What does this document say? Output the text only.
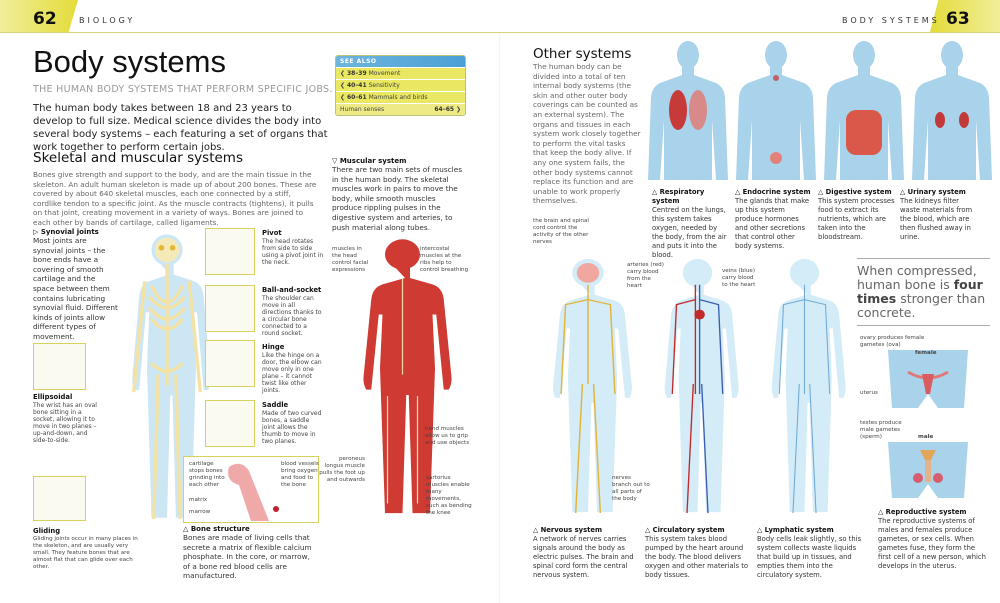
62	BIOLOGY	BODY SYSTEMS 63
Body systems
THE HUMAN BODY SYSTEMS THAT PERFORM SPECIFIC JOBS.
The human body takes between 18 and 23 years to develop to full size. Medical science divides the body into several body systems – each featuring a set of organs that work together to perform certain jobs.
SEE ALSO
❮ 38–39 Movement
❮ 40–41 Sensitivity
❮ 60–61 Mammals and birds
Human senses	64–65 ❯
Skeletal and muscular systems
Bones give strength and support to the body, and are the main tissue in the skeleton. An adult human skeleton is made up of about 200 bones. These are covered by about 640 skeletal muscles, each one connected by a stiff, cordlike tendon to a specific joint. As the muscle contracts (tightens), it pulls on that joint, creating movement in a variety of ways. Bones are joined to each other by bands of cartilage, called ligaments.
▽ Muscular system
There are two main sets of muscles in the human body. The skeletal muscles work in pairs to move the body, while smooth muscles produce rippling pulses in the digestive system and arteries, to push material along tubes.
▷ Synovial joints
Most joints are synovial joints – the bone ends have a covering of smooth cartilage and the space between them contains lubricating synovial fluid. Different kinds of joints allow different types of movement.
Pivot
The head rotates from side to side using a pivot joint in the neck.
Ball-and-socket
The shoulder can move in all directions thanks to a circular bone connected to a round socket.
Hinge
Like the hinge on a door, the elbow can move only in one plane – it cannot twist like other joints.
Saddle
Made of two curved bones, a saddle joint allows the thumb to move in two planes.
Ellipsoidal
The wrist has an oval bone sitting in a socket, allowing it to move in two planes – up-and-down, and side-to-side.
Gliding
Gliding joints occur in many places in the skeleton, and are usually very small. They feature bones that are almost flat that can glide over each other.
cartilage stops bones grinding into each other
matrix
marrow
blood vessels bring oxygen and food to the bone
△ Bone structure
Bones are made of living cells that secrete a matrix of flexible calcium phosphate. In the core, or marrow, of a bone red blood cells are manufactured.
muscles in the head control facial expressions
intercostal muscles at the ribs help to control breathing
hand muscles allow us to grip and use objects
peroneus longus muscle pulls the foot up and outwards	sartorius muscles enable many movements, such as bending the knee
Other systems
The human body can be divided into a total of ten internal body systems (the skin and other outer body coverings can be counted as an external system). The organs and tissues in each system work closely together to perform the vital tasks that keep the body alive. If any one system fails, the other body systems cannot replace its function and are unable to work properly themselves.
△ Respiratory system
Centred on the lungs, this system takes oxygen, needed by the body, from the air and puts it into the blood.
△ Endocrine system
The glands that make up this system produce hormones and other secretions that control other body systems.
△ Digestive system
This system processes food to extract its nutrients, which are taken into the bloodstream.
△ Urinary system
The kidneys filter waste materials from the blood, which are then flushed away in urine.
the brain and spinal cord control the activity of the other nerves
nerves branch out to all parts of the body
arteries (red) carry blood from the heart
veins (blue) carry blood to the heart
When compressed, human bone is four times stronger than concrete.
ovary produces female gametes (ova)
female
uterus
testes produce male gametes (sperm)	male
△ Nervous system
A network of nerves carries signals around the body as electric pulses. The brain and spinal cord form the central nervous system.
△ Circulatory system
This system takes blood pumped by the heart around the body. The blood delivers oxygen and other materials to body tissues.
△ Lymphatic system
Body cells leak slightly, so this system collects waste liquids that build up in tissues, and empties them into the circulatory system.
△ Reproductive system
The reproductive systems of males and females produce gametes, or sex cells. When gametes fuse, they form the first cell of a new person, which develops in the uterus.
